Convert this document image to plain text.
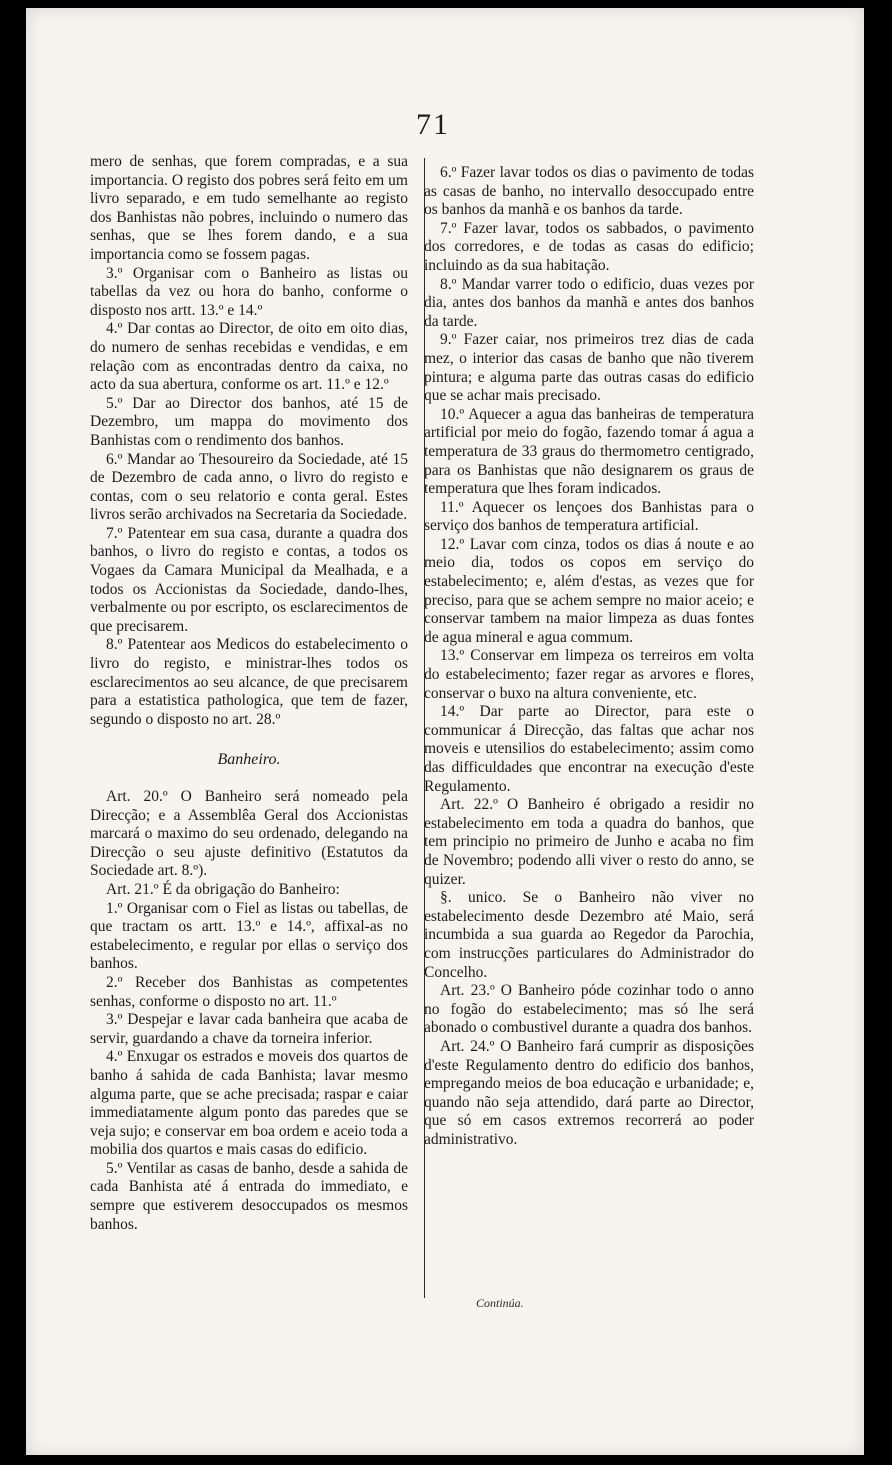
71

mero de senhas, que forem compradas, e a sua importancia. O registo dos pobres será feito em um livro separado, e em tudo semelhante ao registo dos Banhistas não pobres, incluindo o numero das senhas, que se lhes forem dando, e a sua importancia como se fossem pagas.

3.º Organisar com o Banheiro as listas ou tabellas da vez ou hora do banho, conforme o disposto nos artt. 13.º e 14.º

4.º Dar contas ao Director, de oito em oito dias, do numero de senhas recebidas e vendidas, e em relação com as encontradas dentro da caixa, no acto da sua abertura, conforme os art. 11.º e 12.º

5.º Dar ao Director dos banhos, até 15 de Dezembro, um mappa do movimento dos Banhistas com o rendimento dos banhos.

6.º Mandar ao Thesoureiro da Sociedade, até 15 de Dezembro de cada anno, o livro do registo e contas, com o seu relatorio e conta geral. Estes livros serão archivados na Secretaria da Sociedade.

7.º Patentear em sua casa, durante a quadra dos banhos, o livro do registo e contas, a todos os Vogaes da Camara Municipal da Mealhada, e a todos os Accionistas da Sociedade, dando-lhes, verbalmente ou por escripto, os esclarecimentos de que precisarem.

8.º Patentear aos Medicos do estabelecimento o livro do registo, e ministrar-lhes todos os esclarecimentos ao seu alcance, de que precisarem para a estatistica pathologica, que tem de fazer, segundo o disposto no art. 28.º

Banheiro.

Art. 20.º O Banheiro será nomeado pela Direcção; e a Assemblêa Geral dos Accionistas marcará o maximo do seu ordenado, delegando na Direcção o seu ajuste definitivo (Estatutos da Sociedade art. 8.º).

Art. 21.º É da obrigação do Banheiro:

1.º Organisar com o Fiel as listas ou tabellas, de que tractam os artt. 13.º e 14.º, affixal-as no estabelecimento, e regular por ellas o serviço dos banhos.

2.º Receber dos Banhistas as competentes senhas, conforme o disposto no art. 11.º

3.º Despejar e lavar cada banheira que acaba de servir, guardando a chave da torneira inferior.

4.º Enxugar os estrados e moveis dos quartos de banho á sahida de cada Banhista; lavar mesmo alguma parte, que se ache precisada; raspar e caiar immediatamente algum ponto das paredes que se veja sujo; e conservar em boa ordem e aceio toda a mobilia dos quartos e mais casas do edificio.

5.º Ventilar as casas de banho, desde a sahida de cada Banhista até á entrada do immediato, e sempre que estiverem desoccupados os mesmos banhos.

6.º Fazer lavar todos os dias o pavimento de todas as casas de banho, no intervallo desoccupado entre os banhos da manhã e os banhos da tarde.

7.º Fazer lavar, todos os sabbados, o pavimento dos corredores, e de todas as casas do edificio; incluindo as da sua habitação.

8.º Mandar varrer todo o edificio, duas vezes por dia, antes dos banhos da manhã e antes dos banhos da tarde.

9.º Fazer caiar, nos primeiros trez dias de cada mez, o interior das casas de banho que não tiverem pintura; e alguma parte das outras casas do edificio que se achar mais precisado.

10.º Aquecer a agua das banheiras de temperatura artificial por meio do fogão, fazendo tomar á agua a temperatura de 33 graus do thermometro centigrado, para os Banhistas que não designarem os graus de temperatura que lhes foram indicados.

11.º Aquecer os lençoes dos Banhistas para o serviço dos banhos de temperatura artificial.

12.º Lavar com cinza, todos os dias á noute e ao meio dia, todos os copos em serviço do estabelecimento; e, além d'estas, as vezes que for preciso, para que se achem sempre no maior aceio; e conservar tambem na maior limpeza as duas fontes de agua mineral e agua commum.

13.º Conservar em limpeza os terreiros em volta do estabelecimento; fazer regar as arvores e flores, conservar o buxo na altura conveniente, etc.

14.º Dar parte ao Director, para este o communicar á Direcção, das faltas que achar nos moveis e utensilios do estabelecimento; assim como das difficuldades que encontrar na execução d'este Regulamento.

Art. 22.º O Banheiro é obrigado a residir no estabelecimento em toda a quadra do banhos, que tem principio no primeiro de Junho e acaba no fim de Novembro; podendo alli viver o resto do anno, se quizer.

§. unico. Se o Banheiro não viver no estabelecimento desde Dezembro até Maio, será incumbida a sua guarda ao Regedor da Parochia, com instrucções particulares do Administrador do Concelho.

Art. 23.º O Banheiro póde cozinhar todo o anno no fogão do estabelecimento; mas só lhe será abonado o combustivel durante a quadra dos banhos.

Art. 24.º O Banheiro fará cumprir as disposições d'este Regulamento dentro do edificio dos banhos, empregando meios de boa educação e urbanidade; e, quando não seja attendido, dará parte ao Director, que só em casos extremos recorrerá ao poder administrativo.

Continúa.
